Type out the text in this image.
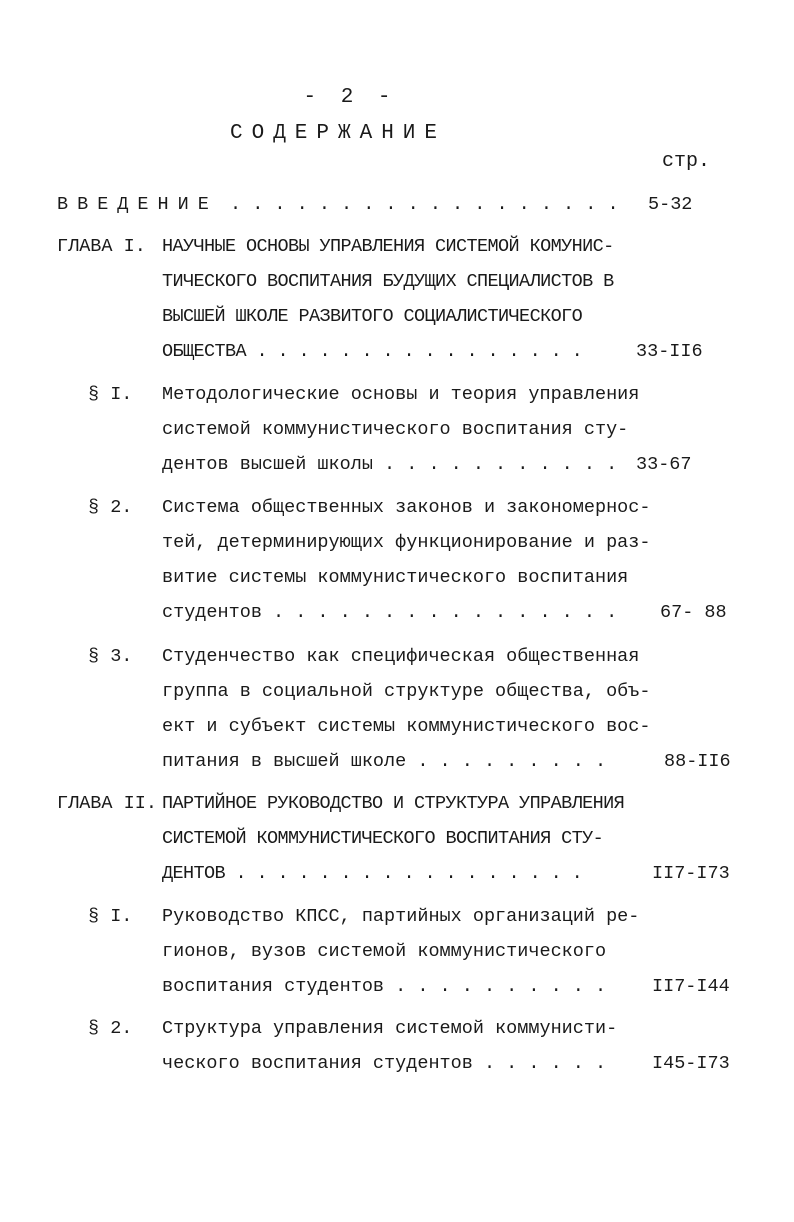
- 2 -
СОДЕРЖАНИЕ
стр.
ВВЕДЕНИЕ . . . . . . . . . . . . . . . . . . 5-32
ГЛАВА I. НАУЧНЫЕ ОСНОВЫ УПРАВЛЕНИЯ СИСТЕМОЙ КОМУНИС-
ТИЧЕСКОГО ВОСПИТАНИЯ БУДУЩИХ СПЕЦИАЛИСТОВ В
ВЫСШЕЙ ШКОЛЕ РАЗВИТОГО СОЦИАЛИСТИЧЕСКОГО
ОБЩЕСТВА . . . . . . . . . . . . . . . .	33-II6
§ I. Методологические основы и теория управления
системой коммунистического воспитания сту-
дентов высшей школы . . . . . . . . . . .	33-67
§ 2. Система общественных законов и закономернос-
тей, детерминирующих функционирование и раз-
витие системы коммунистического воспитания
студентов . . . . . . . . . . . . . . . .	67- 88
§ 3. Студенчество как специфическая общественная
группа в социальной структуре общества, объ-
ект и субъект системы коммунистического вос-
питания в высшей школе . . . . . . . . .	88-II6
ГЛАВА II. ПАРТИЙНОЕ РУКОВОДСТВО И СТРУКТУРА УПРАВЛЕНИЯ
СИСТЕМОЙ КОММУНИСТИЧЕСКОГО ВОСПИТАНИЯ СТУ-
ДЕНТОВ . . . . . . . . . . . . . . . . .	II7-I73
§ I. Руководство КПСС, партийных организаций ре-
гионов, вузов системой коммунистического
воспитания студентов . . . . . . . . . .	II7-I44
§ 2. Структура управления системой коммунисти-
ческого воспитания студентов . . . . . .	I45-I73
